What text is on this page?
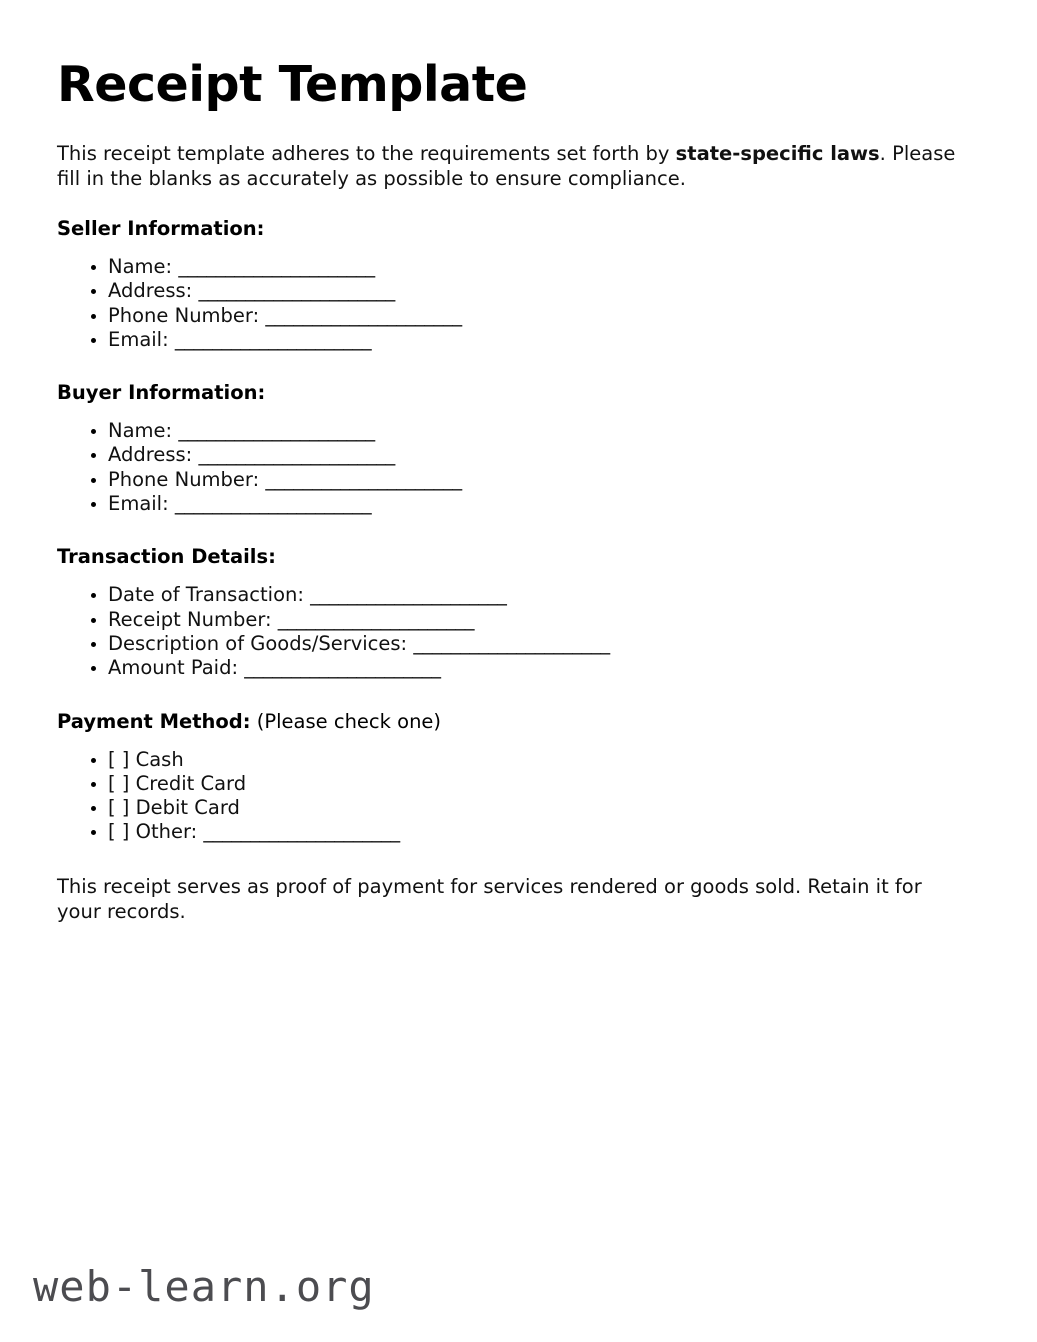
Receipt Template

This receipt template adheres to the requirements set forth by state-specific laws. Please fill in the blanks as accurately as possible to ensure compliance.

Seller Information:
Name: _____________________
Address: _____________________
Phone Number: _____________________
Email: _____________________
Buyer Information:
Name: _____________________
Address: _____________________
Phone Number: _____________________
Email: _____________________
Transaction Details:
Date of Transaction: _____________________
Receipt Number: _____________________
Description of Goods/Services: _____________________
Amount Paid: _____________________
Payment Method: (Please check one)
[ ] Cash
[ ] Credit Card
[ ] Debit Card
[ ] Other: _____________________

This receipt serves as proof of payment for services rendered or goods sold. Retain it for your records.

web-learn.org
